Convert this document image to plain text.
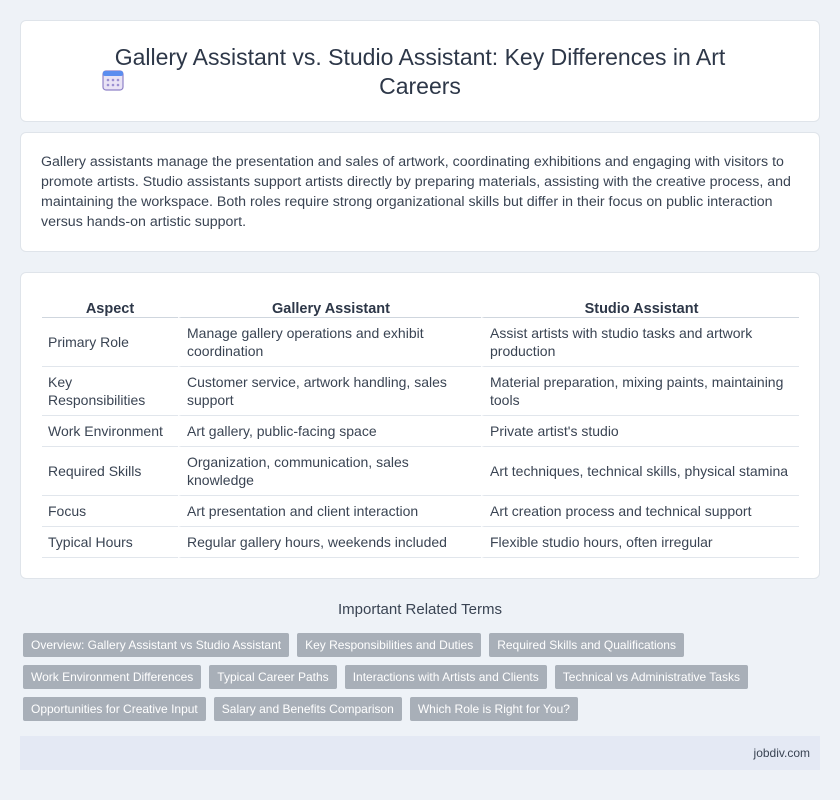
Gallery Assistant vs. Studio Assistant: Key Differences in Art Careers

Gallery assistants manage the presentation and sales of artwork, coordinating exhibitions and engaging with visitors to promote artists. Studio assistants support artists directly by preparing materials, assisting with the creative process, and maintaining the workspace. Both roles require strong organizational skills but differ in their focus on public interaction versus hands-on artistic support.

Aspect	Gallery Assistant	Studio Assistant
Primary Role	Manage gallery operations and exhibit coordination	Assist artists with studio tasks and artwork production
Key Responsibilities	Customer service, artwork handling, sales support	Material preparation, mixing paints, maintaining tools
Work Environment	Art gallery, public-facing space	Private artist's studio
Required Skills	Organization, communication, sales knowledge	Art techniques, technical skills, physical stamina
Focus	Art presentation and client interaction	Art creation process and technical support
Typical Hours	Regular gallery hours, weekends included	Flexible studio hours, often irregular
Important Related Terms
Overview: Gallery Assistant vs Studio Assistant	Key Responsibilities and Duties	Required Skills and Qualifications
Work Environment Differences	Typical Career Paths	Interactions with Artists and Clients	Technical vs Administrative Tasks
Opportunities for Creative Input	Salary and Benefits Comparison	Which Role is Right for You?
jobdiv.com
